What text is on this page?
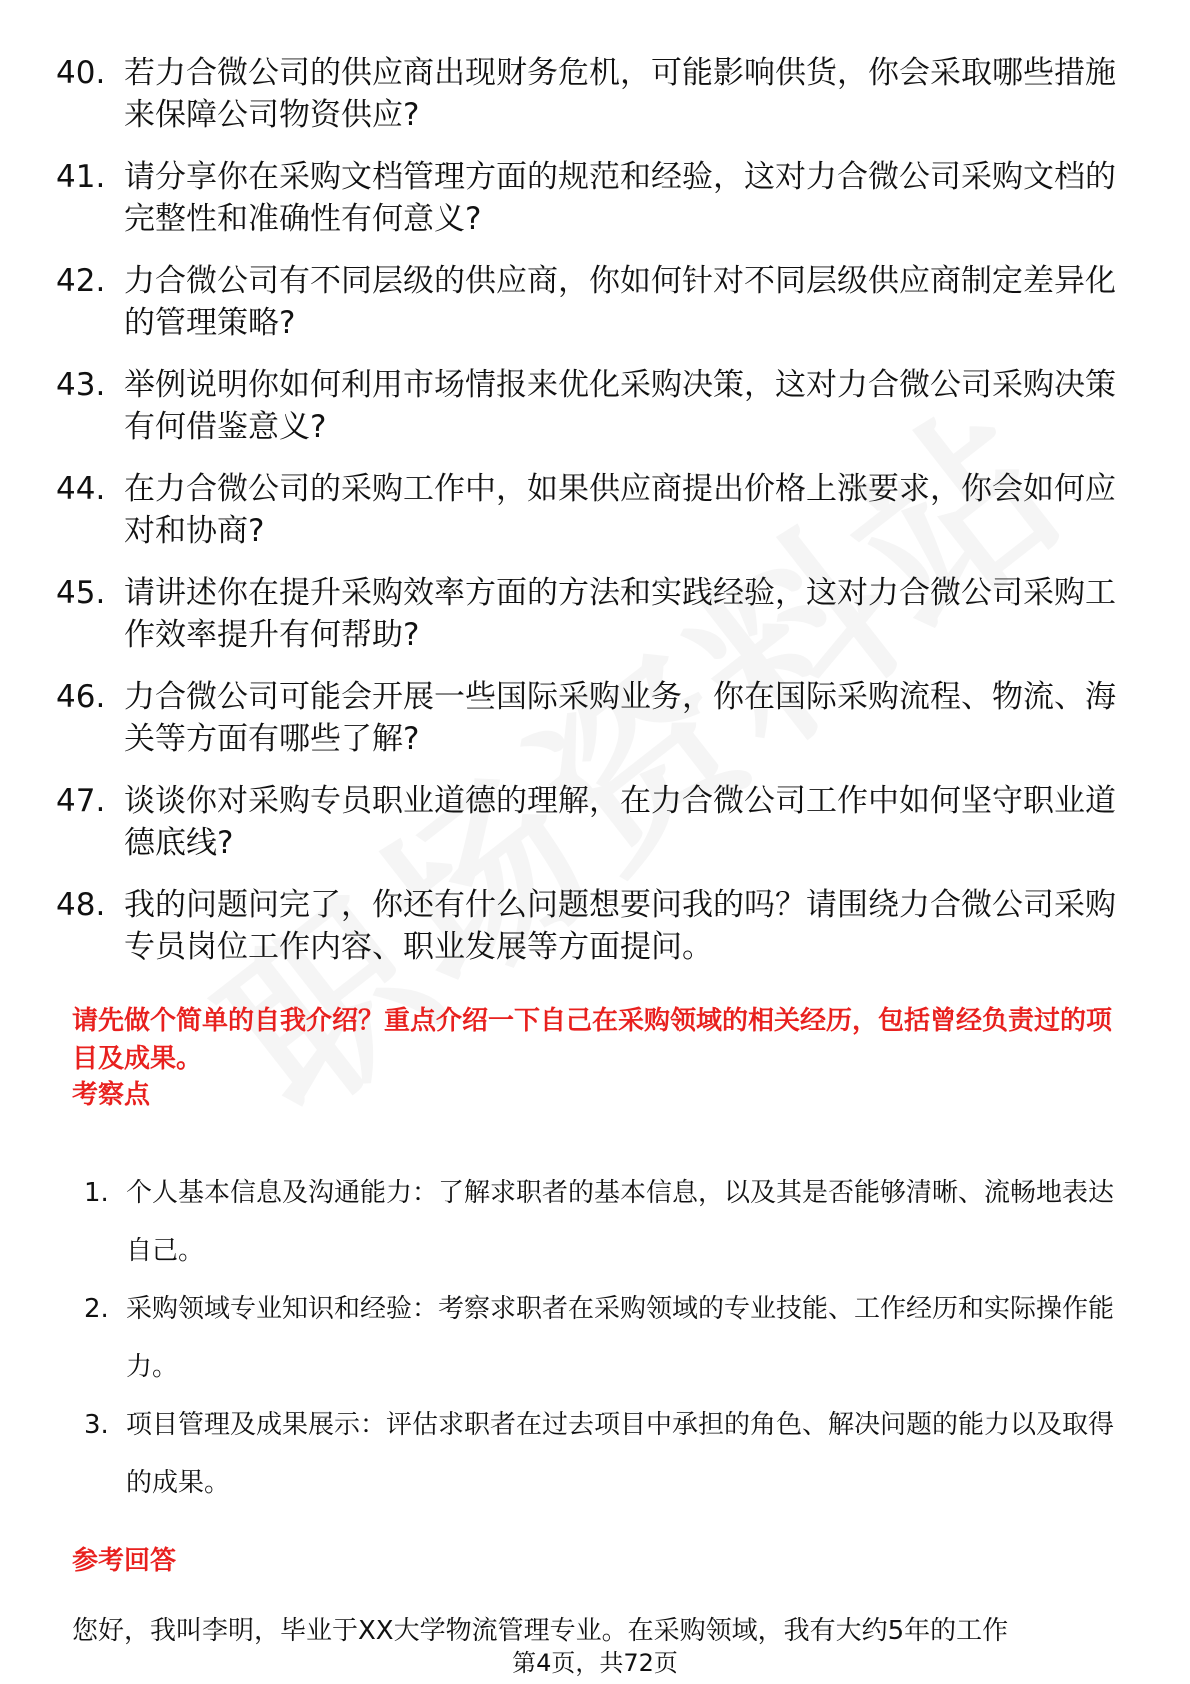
40. 若力合微公司的供应商出现财务危机，可能影响供货，你会采取哪些措施来保障公司物资供应?
41. 请分享你在采购文档管理方面的规范和经验，这对力合微公司采购文档的完整性和准确性有何意义?
42. 力合微公司有不同层级的供应商，你如何针对不同层级供应商制定差异化的管理策略?
43. 举例说明你如何利用市场情报来优化采购决策，这对力合微公司采购决策有何借鉴意义?
44. 在力合微公司的采购工作中，如果供应商提出价格上涨要求，你会如何应对和协商?
45. 请讲述你在提升采购效率方面的方法和实践经验，这对力合微公司采购工作效率提升有何帮助?
46. 力合微公司可能会开展一些国际采购业务，你在国际采购流程、物流、海关等方面有哪些了解?
47. 谈谈你对采购专员职业道德的理解，在力合微公司工作中如何坚守职业道德底线?
48. 我的问题问完了，你还有什么问题想要问我的吗？请围绕力合微公司采购专员岗位工作内容、职业发展等方面提问。
请先做个简单的自我介绍？重点介绍一下自己在采购领域的相关经历，包括曾经负责过的项目及成果。
考察点
1. 个人基本信息及沟通能力：了解求职者的基本信息，以及其是否能够清晰、流畅地表达自己。
2. 采购领域专业知识和经验：考察求职者在采购领域的专业技能、工作经历和实际操作能力。
3. 项目管理及成果展示：评估求职者在过去项目中承担的角色、解决问题的能力以及取得的成果。
参考回答
您好，我叫李明，毕业于XX大学物流管理专业。在采购领域，我有大约5年的工作
第4页，共72页
